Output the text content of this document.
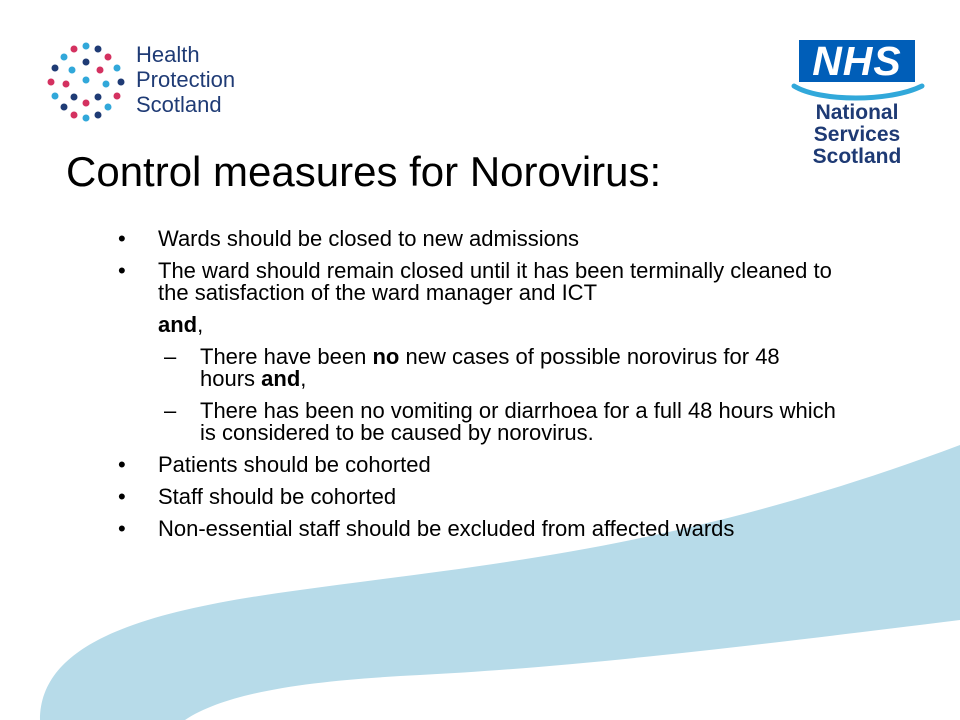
Health
Protection
Scotland
NHS
National
Services
Scotland
Control measures for Norovirus:
• Wards should be closed to new admissions
• The ward should remain closed until it has been terminally cleaned to the satisfaction of the ward manager and ICT
and,
– There have been no new cases of possible norovirus for 48 hours and,
– There has been no vomiting or diarrhoea for a full 48 hours which is considered to be caused by norovirus.
• Patients should be cohorted
• Staff should be cohorted
• Non-essential staff should be excluded from affected wards
